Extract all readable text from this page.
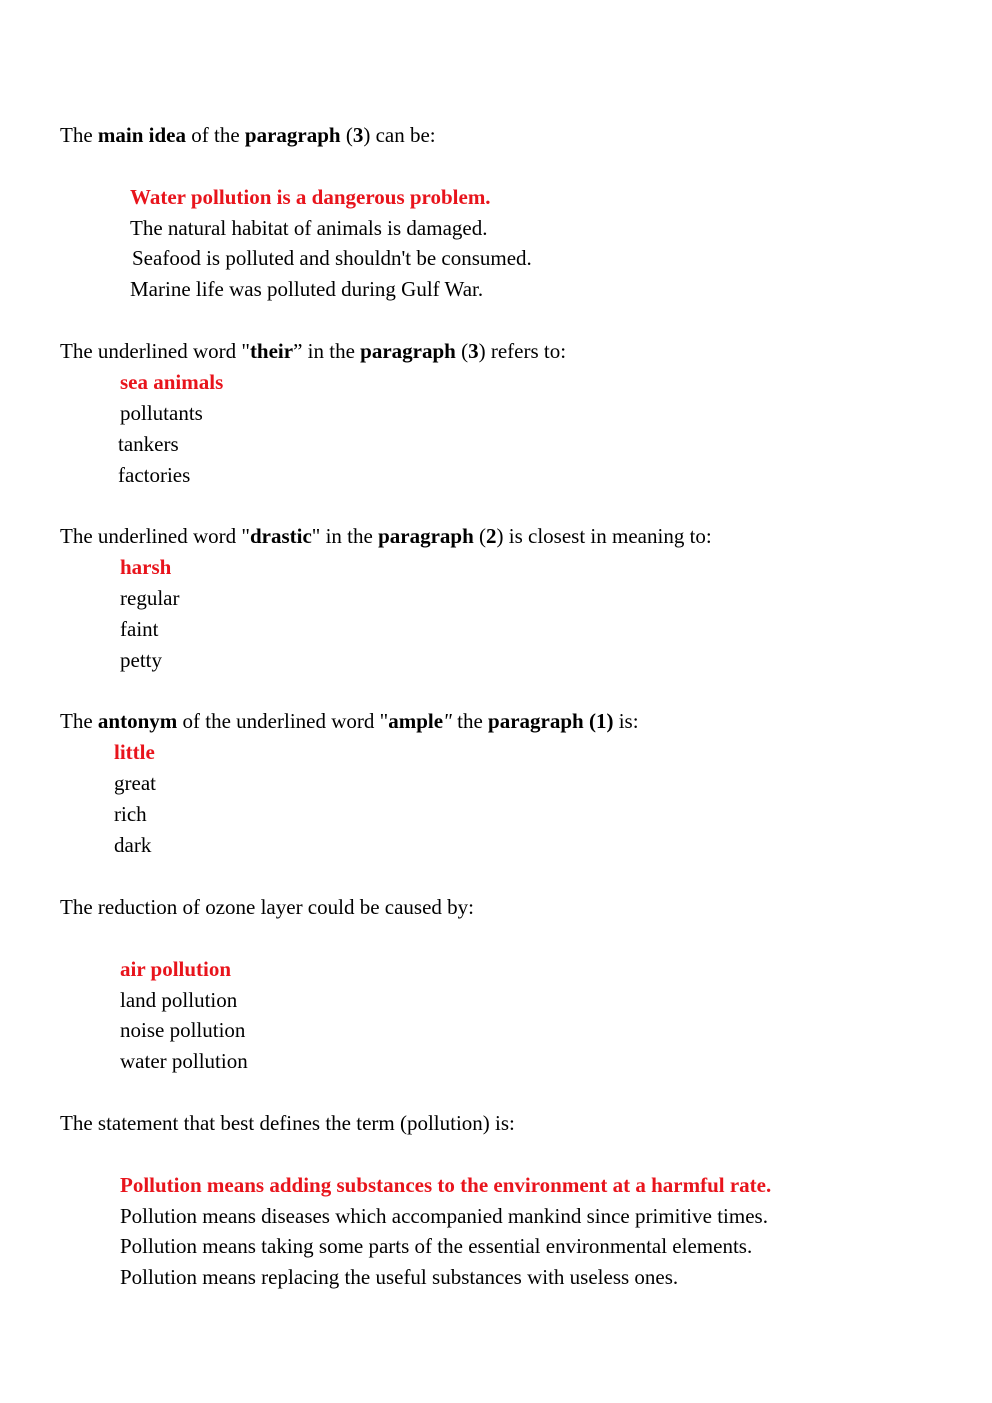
The main idea of the paragraph (3) can be:
Water pollution is a dangerous problem.
The natural habitat of animals is damaged.
Seafood is polluted and shouldn't be consumed.
Marine life was polluted during Gulf War.
The underlined word "their” in the paragraph (3) refers to:
sea animals
pollutants
tankers
factories
The underlined word "drastic" in the paragraph (2) is closest in meaning to:
harsh
regular
faint
petty
The antonym of the underlined word "ample" the paragraph (1) is:
little
great
rich
dark
The reduction of ozone layer could be caused by:
air pollution
land pollution
noise pollution
water pollution
The statement that best defines the term (pollution) is:
Pollution means adding substances to the environment at a harmful rate.
Pollution means diseases which accompanied mankind since primitive times.
Pollution means taking some parts of the essential environmental elements.
Pollution means replacing the useful substances with useless ones.
